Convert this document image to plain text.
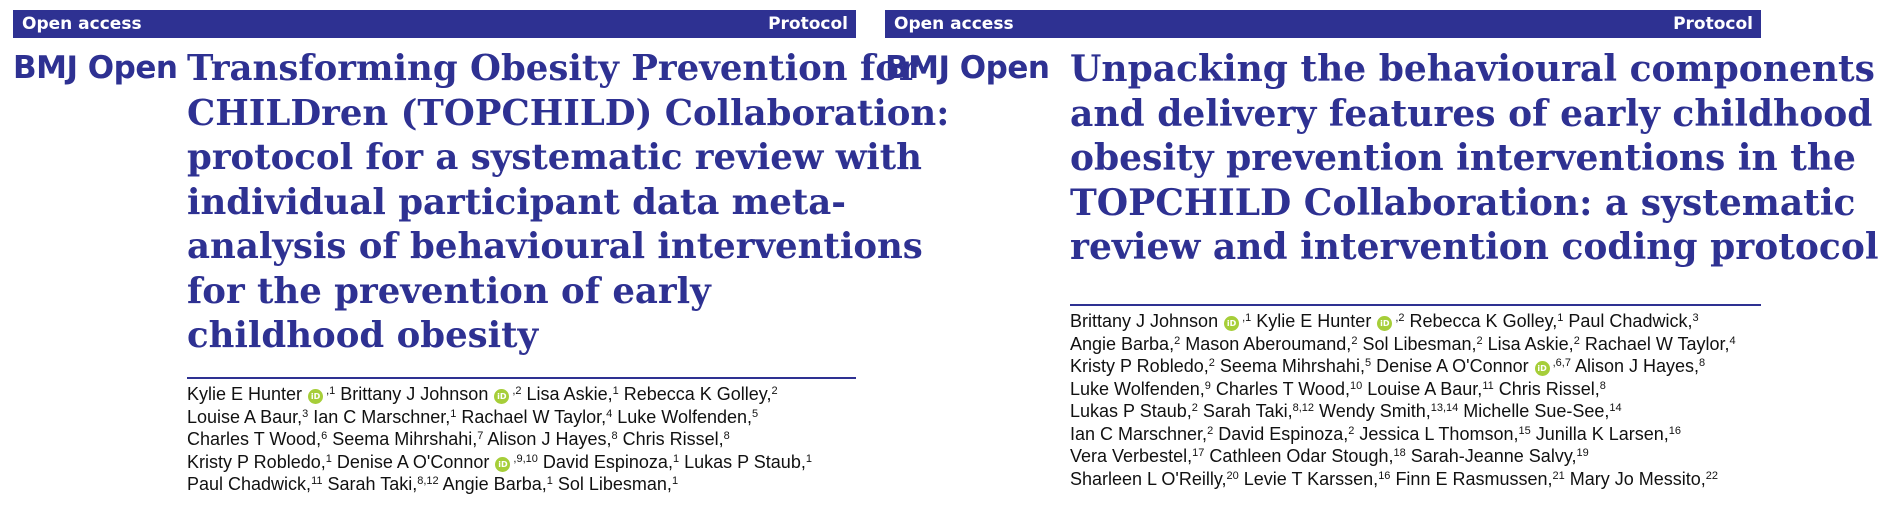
Open access	Protocol
BMJ Open Transforming Obesity Prevention for
CHILDren (TOPCHILD) Collaboration:
protocol for a systematic review with
individual participant data meta-
analysis of behavioural interventions
for the prevention of early
childhood obesity
Kylie E Hunter iD $^{,1}$ Brittany J Johnson iD $^{,2}$ Lisa Askie,$^1$ Rebecca K Golley,$^2$
Louise A Baur,$^3$ Ian C Marschner,$^1$ Rachael W Taylor,$^4$ Luke Wolfenden,$^5$
Charles T Wood,$^6$ Seema Mihrshahi,$^7$ Alison J Hayes,$^8$ Chris Rissel,$^8$
Kristy P Robledo,$^1$ Denise A O'Connor iD $^{,9,10}$ David Espinoza,$^1$ Lukas P Staub,$^1$
Paul Chadwick,$^{11}$ Sarah Taki,$^{8,12}$ Angie Barba,$^1$ Sol Libesman,$^1$
Open access	Protocol
BMJ Open Unpacking the behavioural components
and delivery features of early childhood
obesity prevention interventions in the
TOPCHILD Collaboration: a systematic
review and intervention coding protocol
Brittany J Johnson iD $^{,1}$ Kylie E Hunter iD $^{,2}$ Rebecca K Golley,$^1$ Paul Chadwick,$^3$
Angie Barba,$^2$ Mason Aberoumand,$^2$ Sol Libesman,$^2$ Lisa Askie,$^2$ Rachael W Taylor,$^4$
Kristy P Robledo,$^2$ Seema Mihrshahi,$^5$ Denise A O'Connor iD $^{,6,7}$ Alison J Hayes,$^8$
Luke Wolfenden,$^9$ Charles T Wood,$^{10}$ Louise A Baur,$^{11}$ Chris Rissel,$^8$
Lukas P Staub,$^2$ Sarah Taki,$^{8,12}$ Wendy Smith,$^{13,14}$ Michelle Sue-See,$^{14}$
Ian C Marschner,$^2$ David Espinoza,$^2$ Jessica L Thomson,$^{15}$ Junilla K Larsen,$^{16}$
Vera Verbestel,$^{17}$ Cathleen Odar Stough,$^{18}$ Sarah-Jeanne Salvy,$^{19}$
Sharleen L O'Reilly,$^{20}$ Levie T Karssen,$^{16}$ Finn E Rasmussen,$^{21}$ Mary Jo Messito,$^{22}$
